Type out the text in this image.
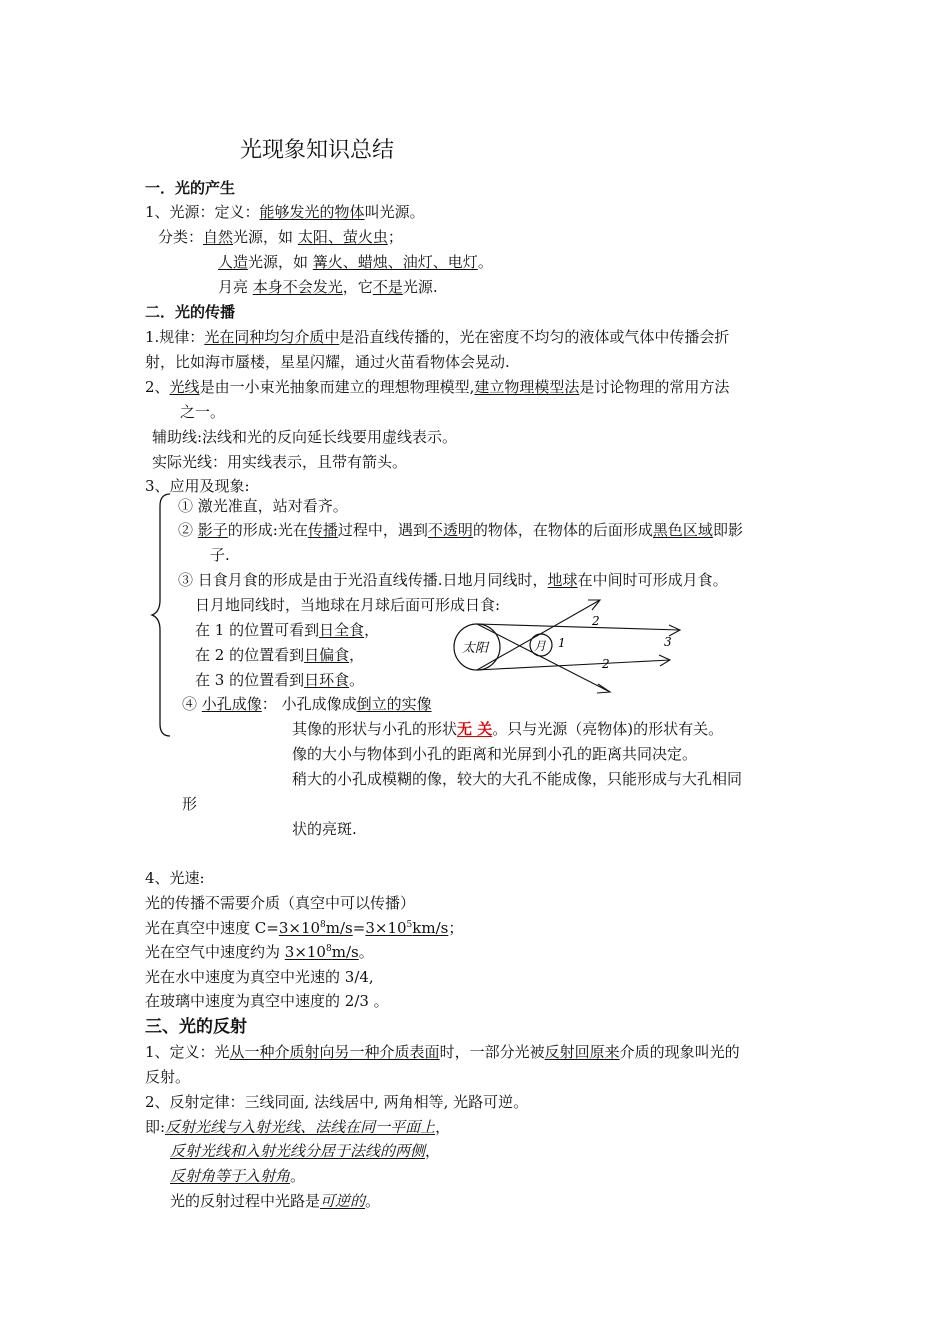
光现象知识总结
一．光的产生
1、光源：定义：能够发光的物体叫光源。
分类：自然光源，如 太阳、萤火虫；
人造光源，如 篝火、蜡烛、油灯、电灯。
月亮 本身不会发光，它不是光源.
二．光的传播
1.规律：光在同种均匀介质中是沿直线传播的，光在密度不均匀的液体或气体中传播会折
射，比如海市蜃楼，星星闪耀，通过火苗看物体会晃动.
2、光线是由一小束光抽象而建立的理想物理模型,建立物理模型法是讨论物理的常用方法
之一。
辅助线:法线和光的反向延长线要用虚线表示。
实际光线：用实线表示，且带有箭头。
3、应用及现象:
① 激光准直，站对看齐。
② 影子的形成:光在传播过程中，遇到不透明的物体，在物体的后面形成黑色区域即影
子.
③ 日食月食的形成是由于光沿直线传播.日地月同线时，地球在中间时可形成月食。
日月地同线时，当地球在月球后面可形成日食:
在 1 的位置可看到日全食，
在 2 的位置看到日偏食，
在 3 的位置看到日环食。
太阳	月 1
2
2
3
④ 小孔成像： 小孔成像成倒立的实像
其像的形状与小孔的形状无 关。只与光源（亮物体)的形状有关。
像的大小与物体到小孔的距离和光屏到小孔的距离共同决定。
稍大的小孔成模糊的像，较大的大孔不能成像，只能形成与大孔相同
形
状的亮斑.
4、光速:
光的传播不需要介质（真空中可以传播）
光在真空中速度 $C=3\times 10^8m/s=3\times 10^5km/s$；
光在空气中速度约为 $3\times 10^8m/s$。
光在水中速度为真空中光速的 3/4,
在玻璃中速度为真空中速度的 2/3 。
三、光的反射
1、定义：光从一种介质射向另一种介质表面时，一部分光被反射回原来介质的现象叫光的
反射。
2、反射定律：三线同面, 法线居中, 两角相等, 光路可逆。
即:反射光线与入射光线、法线在同一平面上，
反射光线和入射光线分居于法线的两侧，
反射角等于入射角。
光的反射过程中光路是可逆的。
